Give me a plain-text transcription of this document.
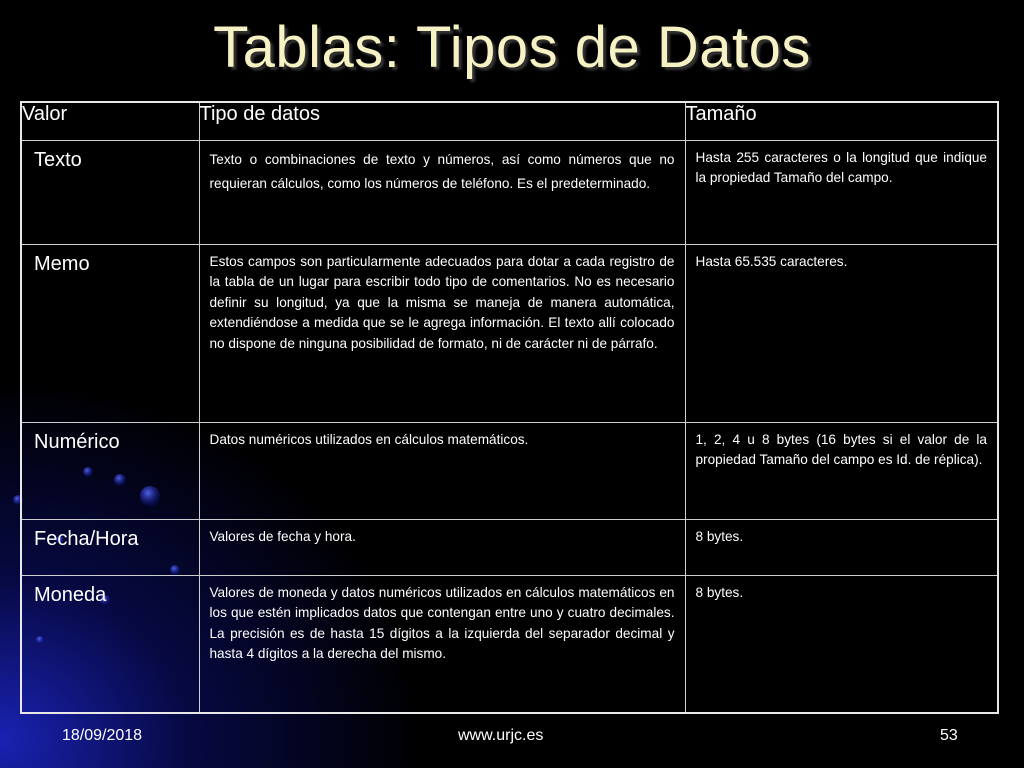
Tablas: Tipos de Datos
Valor	Tipo de datos	Tamaño
Texto	Texto o combinaciones de texto y números, así como números que no requieran cálculos, como los números de teléfono. Es el predeterminado.	Hasta 255 caracteres o la longitud que indique la propiedad Tamaño del campo.
Memo	Estos campos son particularmente adecuados para dotar a cada registro de la tabla de un lugar para escribir todo tipo de comentarios. No es necesario definir su longitud, ya que la misma se maneja de manera automática, extendiéndose a medida que se le agrega información. El texto allí colocado no dispone de ninguna posibilidad de formato, ni de carácter ni de párrafo.	Hasta 65.535 caracteres.
Numérico	Datos numéricos utilizados en cálculos matemáticos.	1, 2, 4 u 8 bytes (16 bytes si el valor de la propiedad Tamaño del campo es Id. de réplica).
Fecha/Hora	Valores de fecha y hora.	8 bytes.
Moneda	Valores de moneda y datos numéricos utilizados en cálculos matemáticos en los que estén implicados datos que contengan entre uno y cuatro decimales. La precisión es de hasta 15 dígitos a la izquierda del separador decimal y hasta 4 dígitos a la derecha del mismo.	8 bytes.
18/09/2018	www.urjc.es	53
